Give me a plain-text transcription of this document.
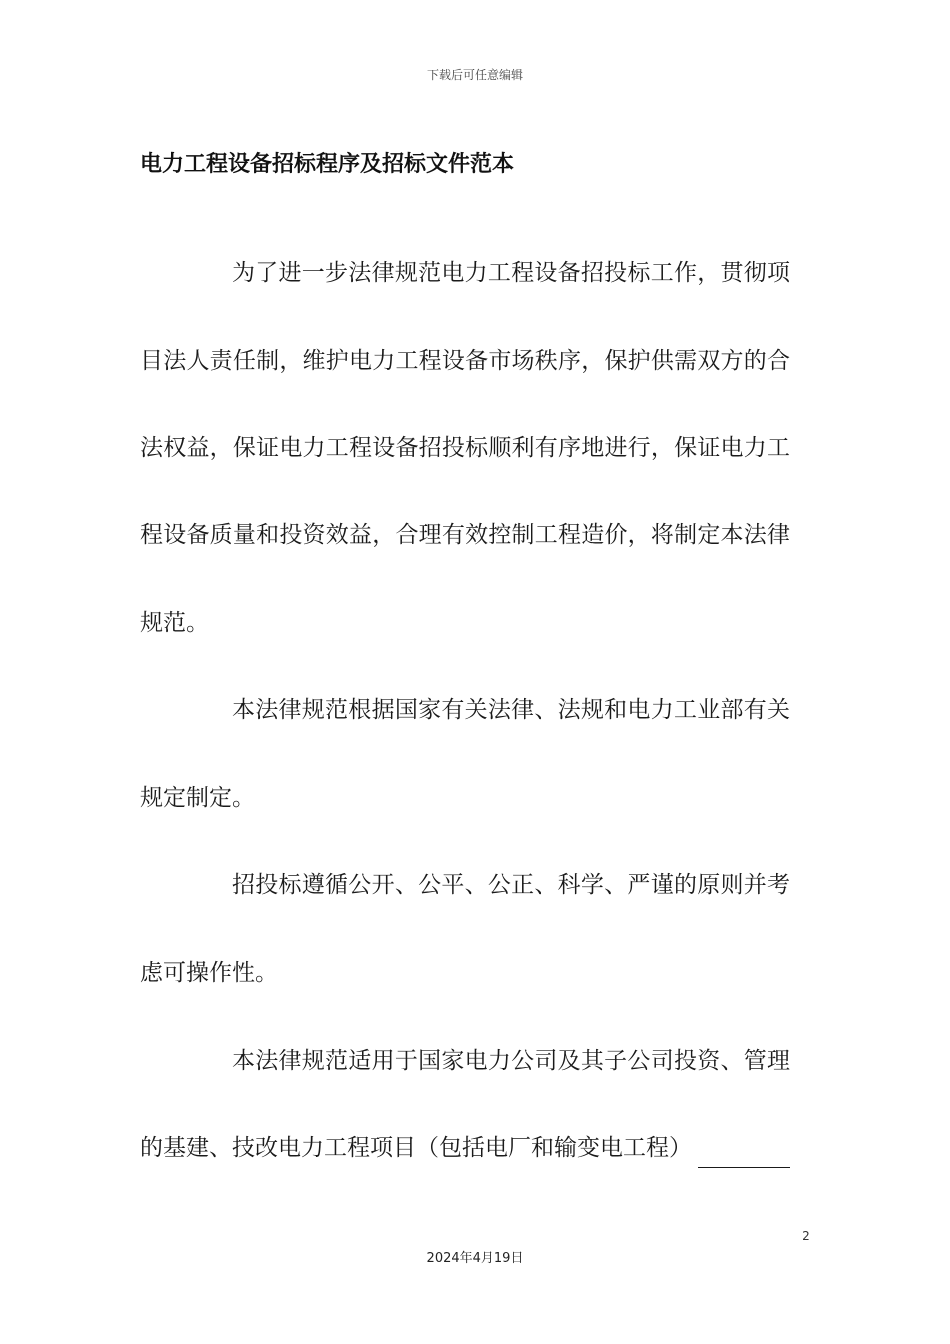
下载后可任意编辑
电力工程设备招标程序及招标文件范本
为了进一步法律规范电力工程设备招投标工作，贯彻项
目法人责任制，维护电力工程设备市场秩序，保护供需双方的合
法权益，保证电力工程设备招投标顺利有序地进行，保证电力工
程设备质量和投资效益，合理有效控制工程造价，将制定本法律
规范。
本法律规范根据国家有关法律、法规和电力工业部有关
规定制定。
招投标遵循公开、公平、公正、科学、严谨的原则并考
虑可操作性。
本法律规范适用于国家电力公司及其子公司投资、管理
的基建、技改电力工程项目（包括电厂和输变电工程）
2
2024年4月19日
